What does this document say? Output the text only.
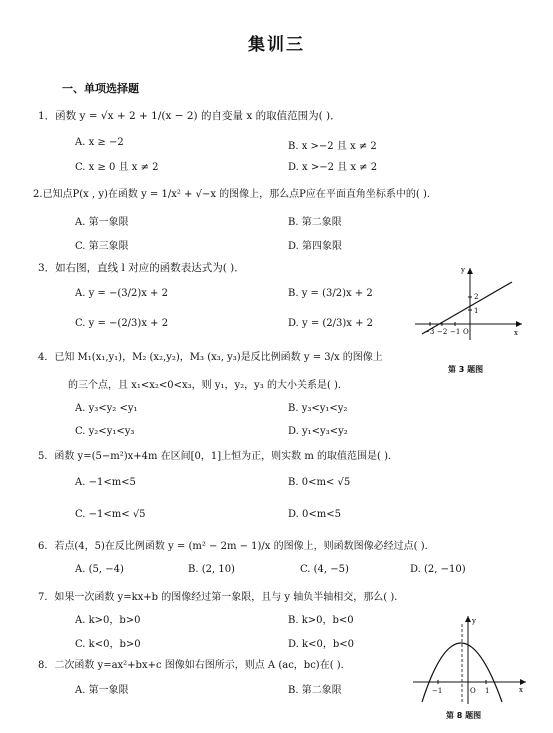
集训三
一、单项选择题
1．函数 y = √x + 2 + 1/(x − 2) 的自变量 x 的取值范围为( )．
A. x ≥ −2	B. x >−2 且 x ≠ 2
C. x ≥ 0 且 x ≠ 2	D. x >−2 且 x ≠ 2
2.已知点P(x , y)在函数 y = 1/x² + √−x 的图像上，那么点P应在平面直角坐标系中的( )．
A. 第一象限	B. 第二象限
C. 第三象限	D. 第四象限
3．如右图，直线 l 对应的函数表达式为( )．
A. y = −(3/2)x + 2	B. y = (3/2)x + 2
C. y = −(2/3)x + 2	D. y = (2/3)x + 2
−3 −2 −1 O
2
1
x
y
第 3 题图
4．已知 M₁(x₁,y₁)，M₂ (x₂,y₂)，M₃ (x₃, y₃)是反比例函数 y = 3/x 的图像上
的三个点，且 x₁<x₂<0<x₃，则 y₁，y₂，y₃ 的大小关系是( )．
A. y₃<y₂ <y₁	B. y₃<y₁<y₂
C. y₂<y₁<y₃	D. y₁<y₃<y₂
5．函数 y=(5−m²)x+4m 在区间[0，1]上恒为正，则实数 m 的取值范围是( )．
A. −1<m<5	B. 0<m< √5
C. −1<m< √5	D. 0<m<5
6．若点(4，5)在反比例函数 y = (m² − 2m − 1)/x 的图像上，则函数图像必经过点( )．
A. (5, −4)	B. (2, 10)	C. (4, −5)	D. (2, −10)
7．如果一次函数 y=kx+b 的图像经过第一象限，且与 y 轴负半轴相交，那么( )．
A. k>0，b>0	B. k>0，b<0
C. k<0，b>0	D. k<0，b<0
8．二次函数 y=ax²+bx+c 图像如右图所示，则点 A (ac，bc)在( )．
A. 第一象限	B. 第二象限	−1	O 1	x
y
第 8 题图
